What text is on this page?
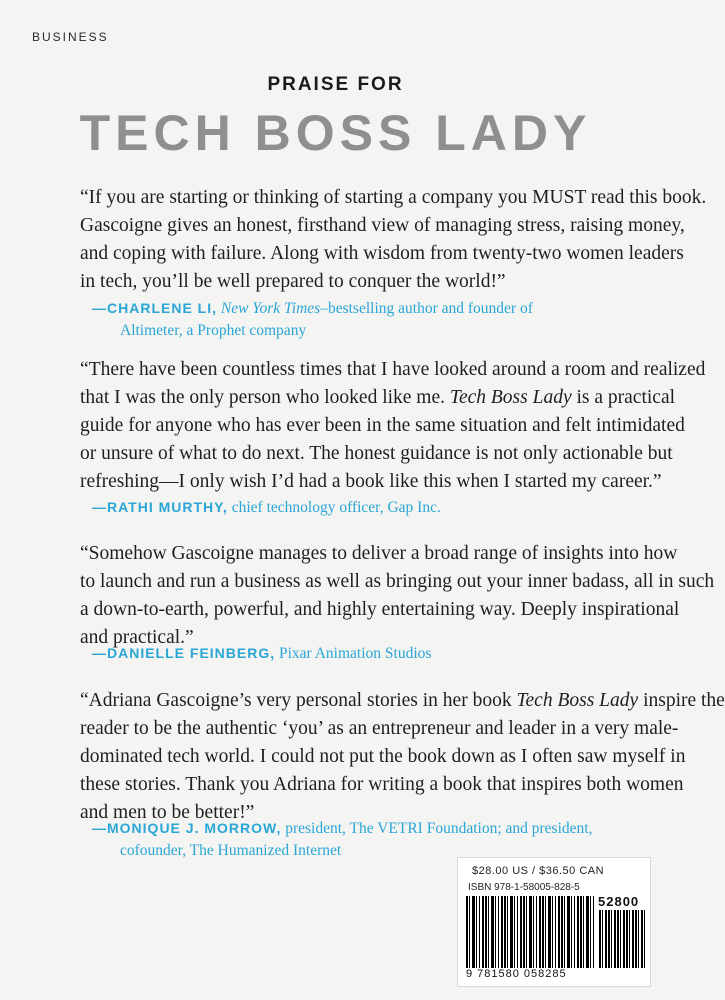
BUSINESS
PRAISE FOR
TECH BOSS LADY
“If you are starting or thinking of starting a company you MUST read this book.
Gascoigne gives an honest, firsthand view of managing stress, raising money,
and coping with failure. Along with wisdom from twenty-two women leaders
in tech, you’ll be well prepared to conquer the world!”
—CHARLENE LI, New York Times–bestselling author and founder of
Altimeter, a Prophet company
“There have been countless times that I have looked around a room and realized
that I was the only person who looked like me. Tech Boss Lady is a practical
guide for anyone who has ever been in the same situation and felt intimidated
or unsure of what to do next. The honest guidance is not only actionable but
refreshing—I only wish I’d had a book like this when I started my career.”
—RATHI MURTHY, chief technology officer, Gap Inc.
“Somehow Gascoigne manages to deliver a broad range of insights into how
to launch and run a business as well as bringing out your inner badass, all in such
a down-to-earth, powerful, and highly entertaining way. Deeply inspirational
and practical.”
—DANIELLE FEINBERG, Pixar Animation Studios
“Adriana Gascoigne’s very personal stories in her book Tech Boss Lady inspire the
reader to be the authentic ‘you’ as an entrepreneur and leader in a very male-
dominated tech world. I could not put the book down as I often saw myself in
these stories. Thank you Adriana for writing a book that inspires both women
and men to be better!”
—MONIQUE J. MORROW, president, The VETRI Foundation; and president,
cofounder, The Humanized Internet
$28.00 US / $36.50 CAN
ISBN 978-1-58005-828-5
52800
9 781580 058285
